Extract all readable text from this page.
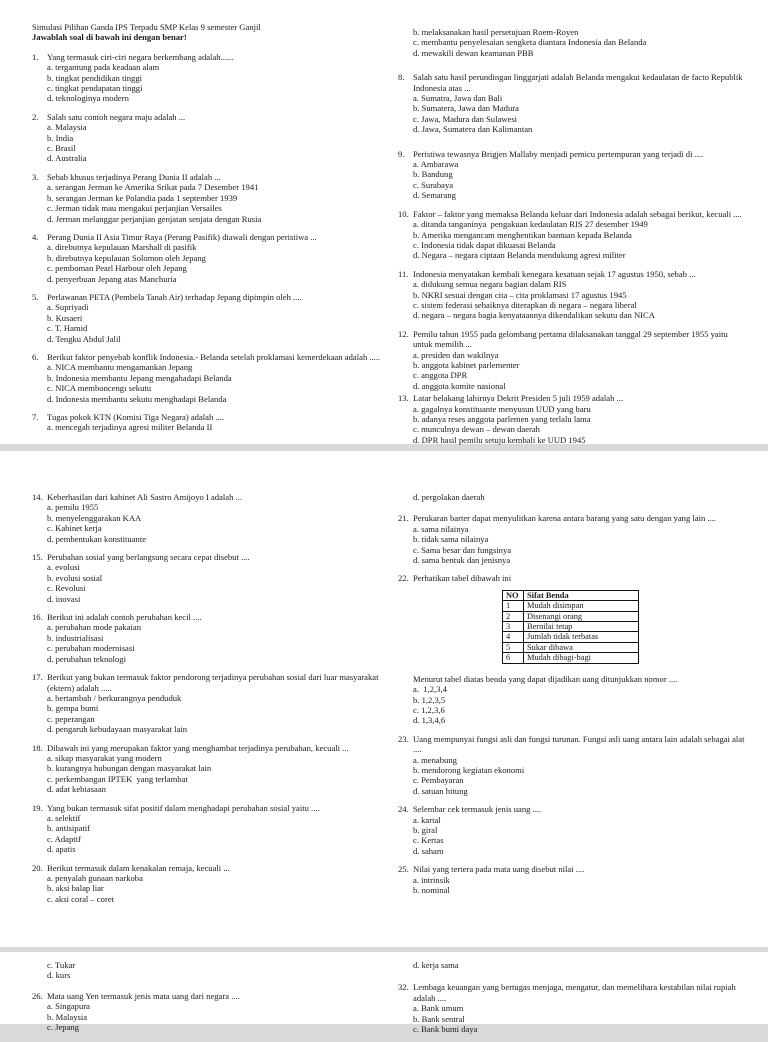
Simulasi Pilihan Ganda IPS Terpadu SMP Kelas 9 semester Ganjil
Jawablah soal di bawah ini dengan benar!
1. Yang termasuk ciri-ciri negara berkembang adalah......
a. tergantung pada keadaan alam
b. tingkat pendidikan tinggi
c. tingkat pendapatan tinggi
d. teknologinya modern
2. Salah satu contoh negara maju adalah ...
a. Malaysia
b. India
c. Brasil
d. Australia
3. Sebab khusus terjadinya Perang Dunia II adalah ...
a. serangan Jerman ke Amerika Srikat pada 7 Desember 1941
b. serangan Jerman ke Polandia pada 1 september 1939
c. Jerman tidak mau mengakui perjanjian Versailes
d. Jerman melanggar perjanjian genjatan senjata dengan Rusia
4. Perang Dunia II Asia Timur Raya (Perang Pasifik) diawali dengan peristiwa ...
a. direbutnya kepulauan Marshall di pasifik
b. direbutnya kepulauan Solomon oleh Jepang
c. pemboman Pearl Harbour oleh Jepang
d. penyerbuan Jepang atas Manchuria
5. Perlawanan PETA (Pembela Tanah Air) terhadap Jepang dipimpin oleh ....
a. Supriyadi
b. Kusaeri
c. T. Hamid
d. Tengku Abdul Jalil
6. Berikut faktor penyebab konflik Indonesia.- Belanda setelah proklamasi kemerdekaan adalah .....
a. NICA membantu mengamankan Jepang
b. Indonesia membantu Jepang mengahadapi Belanda
c. NICA memboncengı sekutu
d. Indonesia membantu sekutu menghadapi Belanda
7. Tugas pokok KTN (Komisi Tiga Negara) adalah ....
a. mencegah terjadinya agresi militer Belanda II
b. melaksanakan hasil persetujuan Roem-Royen
c. membantu penyelesaian sengketa diantara Indonesia dan Belanda
d. mewakili dewan keamanan PBB
8. Salah satu hasil perundingan linggarjati adalah Belanda mengakui kedaulatan de facto Republik
Indonesia atas ...
a. Sumatra, Jawa dan Bali
b. Sumatera, Jawa dan Madura
c. Jawa, Madura dan Sulawesi
d. Jawa, Sumatera dan Kalimantan
9. Peristiwa tewasnya Brigjen Mallaby menjadi pemicu pertempuran yang terjadi di ....
a. Ambarawa
b. Bandung
c. Surabaya
d. Semarang
10. Faktor – faktor yang memaksa Belanda keluar dari Indonesia adalah sebagai berikut, kecuali ....
a. ditanda tanganinya  pengakuan kedaulatan RIS 27 desember 1949
b. Amerika mengancam menghentikan bantuan kepada Belanda
c. Indonesia tidak dapat dikuasai Belanda
d. Negara – negara ciptaan Belanda mendukung agresi militer
11. Indonesia menyatakan kembali kenegara kesatuan sejak 17 agustus 1950, sebab ...
a. didukung semua negara bagian dalam RIS
b. NKRI sesuai dengan cita – cita proklamasi 17 agustus 1945
c. sistem federasi sebaiknya diterapkan di negara – negara liberal
d. negara – negara bagia kenyataannya dikendalikan sekutu dan NICA
12. Pemilu tahun 1955 pada gelombang pertama dilaksanakan tanggal 29 september 1955 yaitu
untuk memilih ...
a. presiden dan wakilnya
b. anggota kabinet parlementer
c. anggota DPR
d. anggota komite nasional
13. Latar belakang lahirnya Dekrit Presiden 5 juli 1959 adalah ...
a. gagalnya konstituante menyusun UUD yang baru
b. adanya reses anggota parlemen yang terlalu lama
c. munculnya dewan – dewan daerah
d. DPR hasil pemilu setuju kembali ke UUD 1945
14. Keberhasilan dari kabinet Ali Sastro Amijoyo I adalah ...
a. pemilu 1955
b. menyelenggarakan KAA
c. Kabinet kerja
d. pembentukan konstituante
15. Perubahan sosial yang berlangsung secara cepat disebut ....
a. evolusi
b. evolusi sosial
c. Revolusi
d. inovasi
16. Berikut ini adalah contoh perubahan kecil ....
a. perubahan mode pakaian
b. industrialisasi
c. perubahan modernisasi
d. perubahan teknologi
17. Berikut yang bukan termasuk faktor pendorong terjadinya perubahan sosial dari luar masyarakat
(ektern) adalah .....
a. bertambah / berkurangnya penduduk
b. gempa bumi
c. peperangan
d. pengaruh kebudayaan masyarakat lain
18. Dibawah ini yang merupakan faktor yang menghambat terjadinya perubahan, kecuali ...
a. sikap masyarakat yang modern
b. kurangnya hubungan dengan masyarakat lain
c. perkembangan IPTEK  yang terlambat
d. adat kebiasaan
19. Yang bukan termasuk sifat positif dalam menghadapi perubahan sosial yaitu ....
a. selektif
b. antisipatif
c. Adaptif
d. apatis
20. Berikut termasuk dalam kenakalan remaja, kecuali ...
a. penyalah gunaan narkoba
b. aksi balap liar
c. aksi coral – coret
d. pergolakan daerah
21. Perukaran barter dapat menyulitkan karena antara barang yang satu dengan yang lain ....
a. sama nilainya
b. tidak sama nilainya
c. Sama besar dan fungsinya
d. sama bentuk dan jenisnya
22. Perhatikan tabel dibawah ini
NO	Sifat Benda
1	Mudah disimpan
2	Disenangi orang
3	Bernilai tetap
4	Jumlah tidak terbatas
5	Sukar dibawa
6	Mudah dibagi-bagi
Menurut tabel diatas benda yang dapat dijadikan uang ditunjukkan nomor ....
a.  1,2,3,4
b. 1,2,3,5
c. 1,2,3,6
d. 1,3,4,6
23. Uang mempunyai fungsi asli dan fungsi turunan. Fungsi asli uang antara lain adalah sebagai alat
....
a. menabung
b. mendorong kegiatan ekonomi
c. Pembayaran
d. satuan hitung
24. Selembar cek termasuk jenis uang ....
a. kartal
b. giral
c. Kertas
d. saham
25. Nilai yang tertera pada mata uang disebut nilai ....
a. intrinsik
b. nominal
c. Tukar
d. kurs
26. Mata uang Yen termasuk jenis mata uang dari negara ....
a. Singapura
b. Malaysia
c. Jepang
d. kerja sama
32. Lembaga keuangan yang bertugas menjaga, mengatur, dan memelihara kestabilan nilai rupiah
adalah ....
a. Bank umum
b. Bank sentral
c. Bank bumi daya
